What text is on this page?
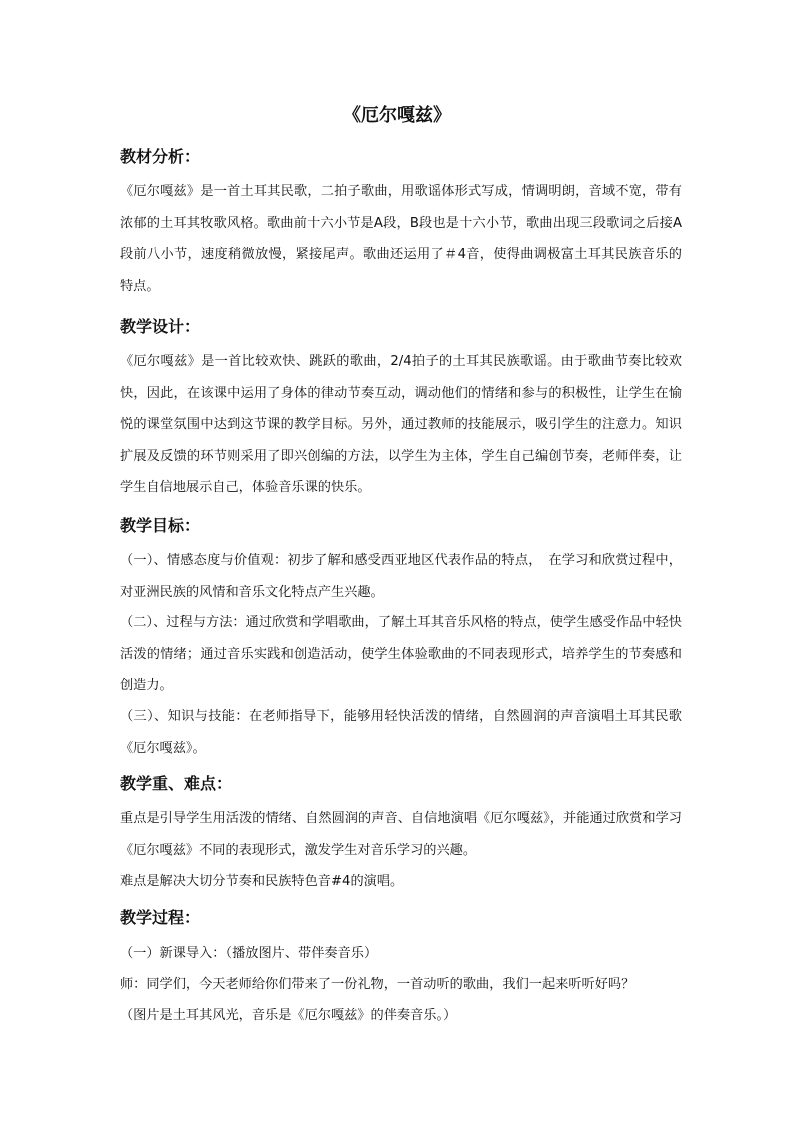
《厄尔嘎兹》
教材分析：

《厄尔嘎兹》是一首土耳其民歌，二拍子歌曲，用歌谣体形式写成，情调明朗，音域不宽，带有浓郁的土耳其牧歌风格。歌曲前十六小节是A段，B段也是十六小节，歌曲出现三段歌词之后接A段前八小节，速度稍微放慢，紧接尾声。歌曲还运用了＃4音，使得曲调极富土耳其民族音乐的特点。

教学设计：

《厄尔嘎兹》是一首比较欢快、跳跃的歌曲，2/4拍子的土耳其民族歌谣。由于歌曲节奏比较欢快，因此，在该课中运用了身体的律动节奏互动，调动他们的情绪和参与的积极性，让学生在愉悦的课堂氛围中达到这节课的教学目标。另外，通过教师的技能展示，吸引学生的注意力。知识扩展及反馈的环节则采用了即兴创编的方法，以学生为主体，学生自己编创节奏，老师伴奏，让学生自信地展示自己，体验音乐课的快乐。

教学目标：

（一）、情感态度与价值观：初步了解和感受西亚地区代表作品的特点，　在学习和欣赏过程中，对亚洲民族的风情和音乐文化特点产生兴趣。

（二）、过程与方法：通过欣赏和学唱歌曲，了解土耳其音乐风格的特点，使学生感受作品中轻快活泼的情绪；通过音乐实践和创造活动，使学生体验歌曲的不同表现形式，培养学生的节奏感和创造力。

（三）、知识与技能：在老师指导下，能够用轻快活泼的情绪，自然圆润的声音演唱土耳其民歌《厄尔嘎兹》。

教学重、难点：

重点是引导学生用活泼的情绪、自然圆润的声音、自信地演唱《厄尔嘎兹》，并能通过欣赏和学习《厄尔嘎兹》不同的表现形式，激发学生对音乐学习的兴趣。

难点是解决大切分节奏和民族特色音#4的演唱。

教学过程：

（一）新课导入：（播放图片、带伴奏音乐）

师：同学们，今天老师给你们带来了一份礼物，一首动听的歌曲，我们一起来听听好吗？

（图片是土耳其风光，音乐是《厄尔嘎兹》的伴奏音乐。）
